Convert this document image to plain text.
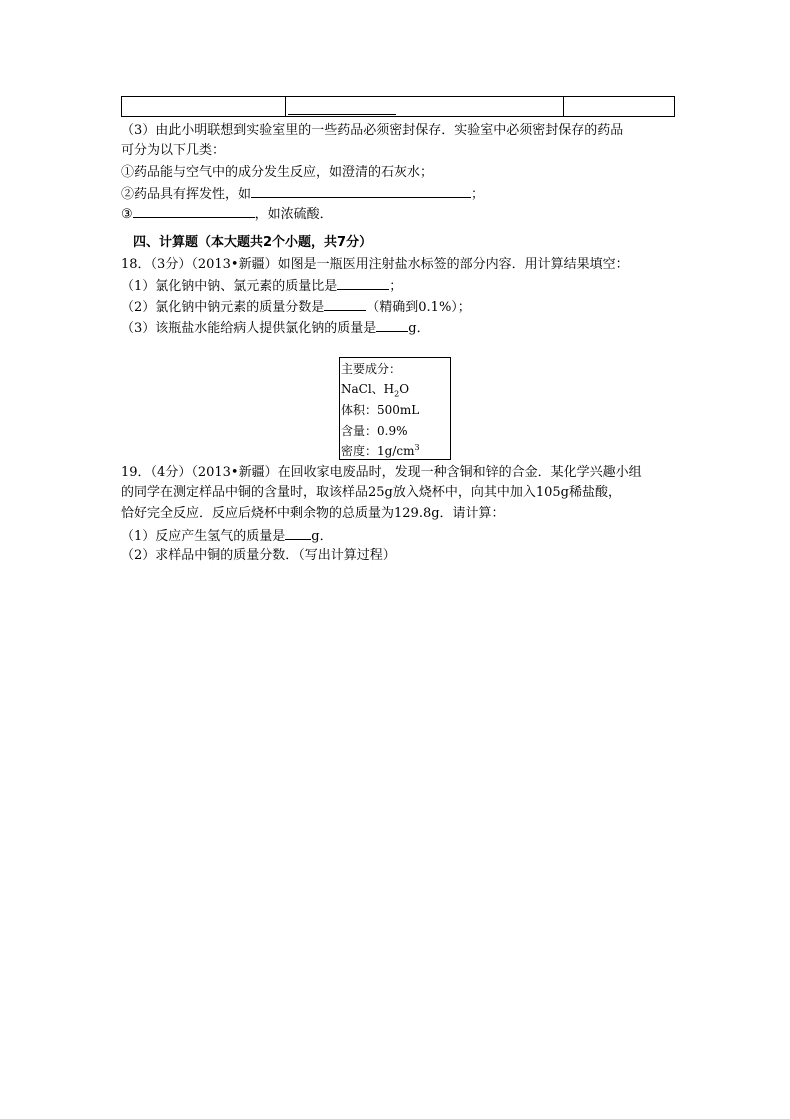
（3）由此小明联想到实验室里的一些药品必须密封保存．实验室中必须密封保存的药品
可分为以下几类：
①药品能与空气中的成分发生反应，如澄清的石灰水；
②药品具有挥发性，如	；
③	，如浓硫酸．
四、计算题（本大题共2个小题，共7分）
18．（3分）（2013•新疆）如图是一瓶医用注射盐水标签的部分内容．用计算结果填空：
（1）氯化钠中钠、氯元素的质量比是	；
（2）氯化钠中钠元素的质量分数是	（精确到0.1%）；
（3）该瓶盐水能给病人提供氯化钠的质量是 g．
主要成分：
NaCl、$H_2O$
体积：500mL
含量：0.9%
密度：$1g/cm^3$
19．（4分）（2013•新疆）在回收家电废品时，发现一种含铜和锌的合金．某化学兴趣小组
的同学在测定样品中铜的含量时，取该样品25g放入烧杯中，向其中加入105g稀盐酸，
恰好完全反应．反应后烧杯中剩余物的总质量为129.8g．请计算：
（1）反应产生氢气的质量是 g．
（2）求样品中铜的质量分数．（写出计算过程）
